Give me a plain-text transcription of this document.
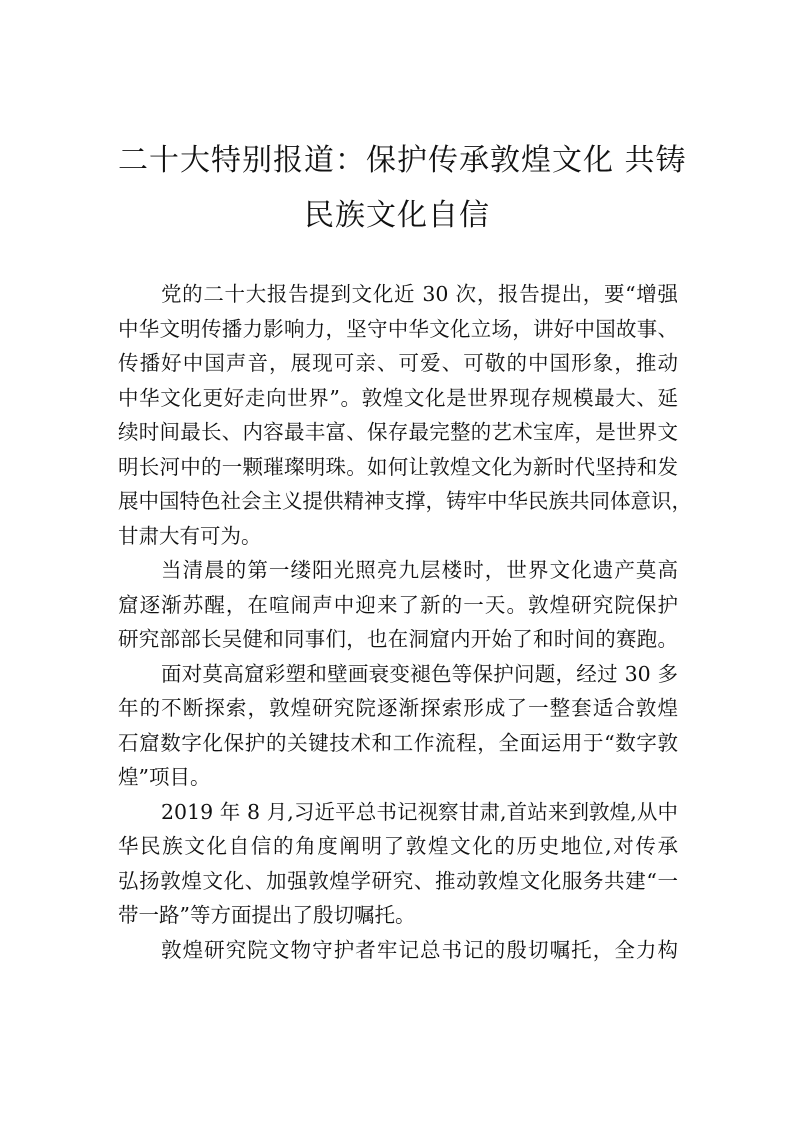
二十大特别报道：保护传承敦煌文化 共铸
民族文化自信

党的二十大报告提到文化近 30 次，报告提出，要“增强
中华文明传播力影响力，坚守中华文化立场，讲好中国故事、
传播好中国声音，展现可亲、可爱、可敬的中国形象，推动
中华文化更好走向世界”。敦煌文化是世界现存规模最大、延
续时间最长、内容最丰富、保存最完整的艺术宝库，是世界文
明长河中的一颗璀璨明珠。如何让敦煌文化为新时代坚持和发
展中国特色社会主义提供精神支撑，铸牢中华民族共同体意识，
甘肃大有可为。

当清晨的第一缕阳光照亮九层楼时，世界文化遗产莫高
窟逐渐苏醒，在喧闹声中迎来了新的一天。敦煌研究院保护
研究部部长吴健和同事们，也在洞窟内开始了和时间的赛跑。

面对莫高窟彩塑和壁画衰变褪色等保护问题，经过 30 多
年的不断探索，敦煌研究院逐渐探索形成了一整套适合敦煌
石窟数字化保护的关键技术和工作流程，全面运用于“数字敦
煌”项目。

2019 年 8 月,习近平总书记视察甘肃,首站来到敦煌,从中
华民族文化自信的角度阐明了敦煌文化的历史地位,对传承
弘扬敦煌文化、加强敦煌学研究、推动敦煌文化服务共建“一
带一路”等方面提出了殷切嘱托。

敦煌研究院文物守护者牢记总书记的殷切嘱托，全力构
